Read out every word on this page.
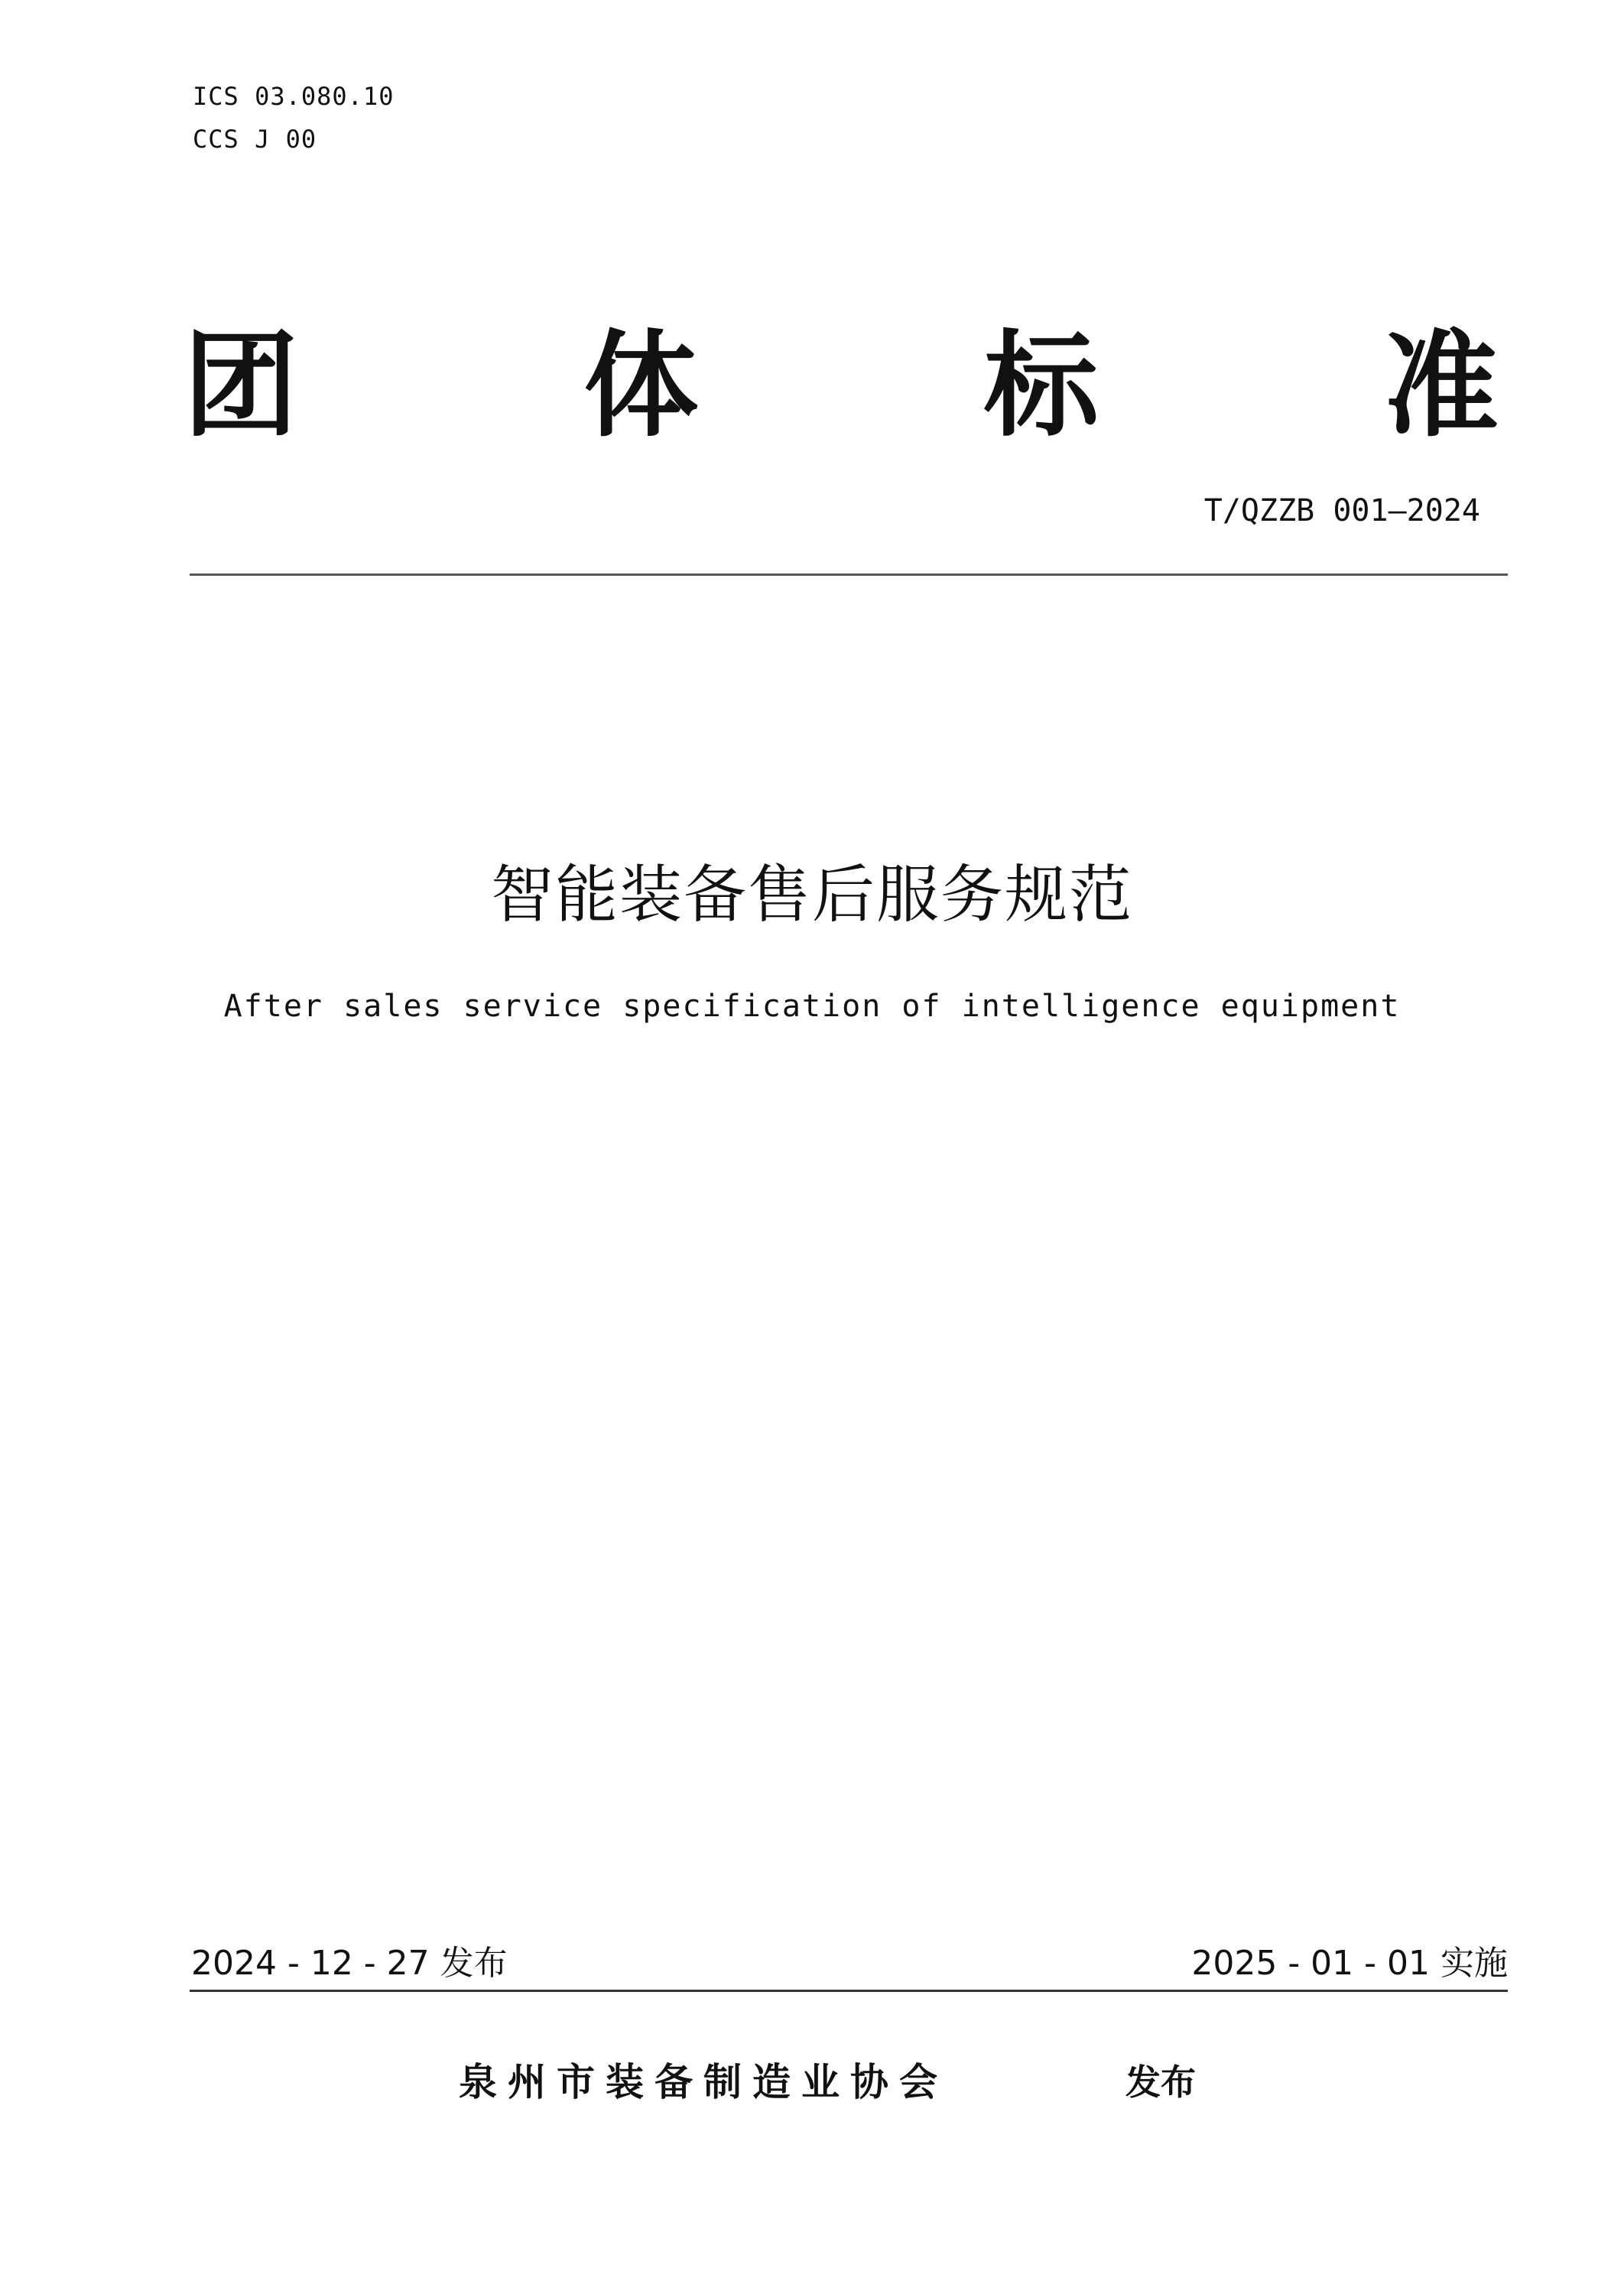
ICS 03.080.10
CCS J 00
团 体 标 准
T/QZZB 001—2024
智能装备售后服务规范
After sales service specification of intelligence equipment
2024 - 12 - 27 发布	2025 - 01 - 01 实施
泉州市装备制造业协会	发布
